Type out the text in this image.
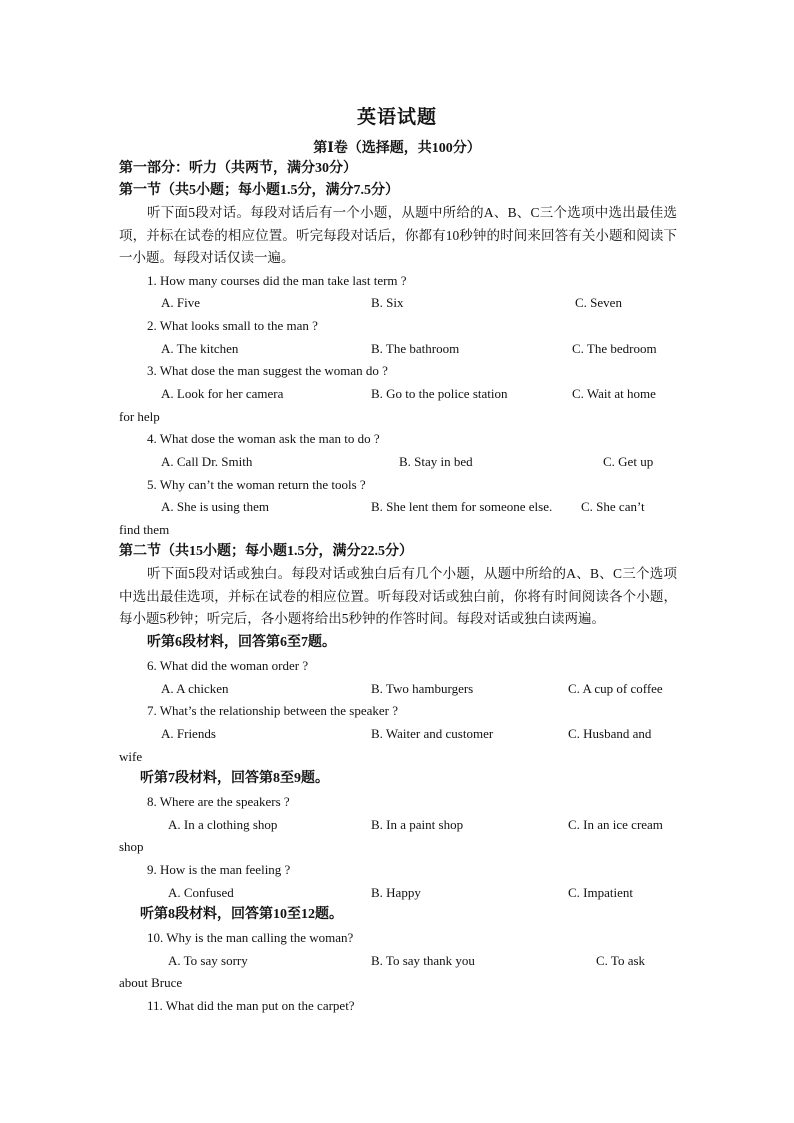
英语试题
第Ⅰ卷（选择题，共100分）
第一部分：听力（共两节，满分30分）
第一节（共5小题；每小题1.5分，满分7.5分）
听下面5段对话。每段对话后有一个小题，从题中所给的A、B、C三个选项中选出最佳选项，并标在试卷的相应位置。听完每段对话后，你都有10秒钟的时间来回答有关小题和阅读下一小题。每段对话仅读一遍。
1. How many courses did the man take last term ?
A. Five	B. Six	C. Seven
2. What looks small to the man ?
A. The kitchen	B. The bathroom	C. The bedroom
3. What dose the man suggest the woman do ?
A. Look for her camera	B. Go to the police station	C. Wait at home
for help
4. What dose the woman ask the man to do ?
A. Call Dr. Smith	B. Stay in bed	C. Get up
5. Why can’t the woman return the tools ?
A. She is using them	B. She lent them for someone else. C. She can’t
find them
第二节（共15小题；每小题1.5分，满分22.5分）
听下面5段对话或独白。每段对话或独白后有几个小题，从题中所给的A、B、C三个选项中选出最佳选项，并标在试卷的相应位置。听每段对话或独白前，你将有时间阅读各个小题，每小题5秒钟；听完后，各小题将给出5秒钟的作答时间。每段对话或独白读两遍。
听第6段材料，回答第6至7题。
6. What did the woman order ?
A. A chicken	B. Two hamburgers	C. A cup of coffee
7. What’s the relationship between the speaker ?
A. Friends	B. Waiter and customer	C. Husband and
wife
听第7段材料，回答第8至9题。
8. Where are the speakers ?
A. In a clothing shop	B. In a paint shop	C. In an ice cream
shop
9. How is the man feeling ?
A. Confused	B. Happy	C. Impatient
听第8段材料，回答第10至12题。
10. Why is the man calling the woman?
A. To say sorry	B. To say thank you	C. To ask
about Bruce
11. What did the man put on the carpet?
